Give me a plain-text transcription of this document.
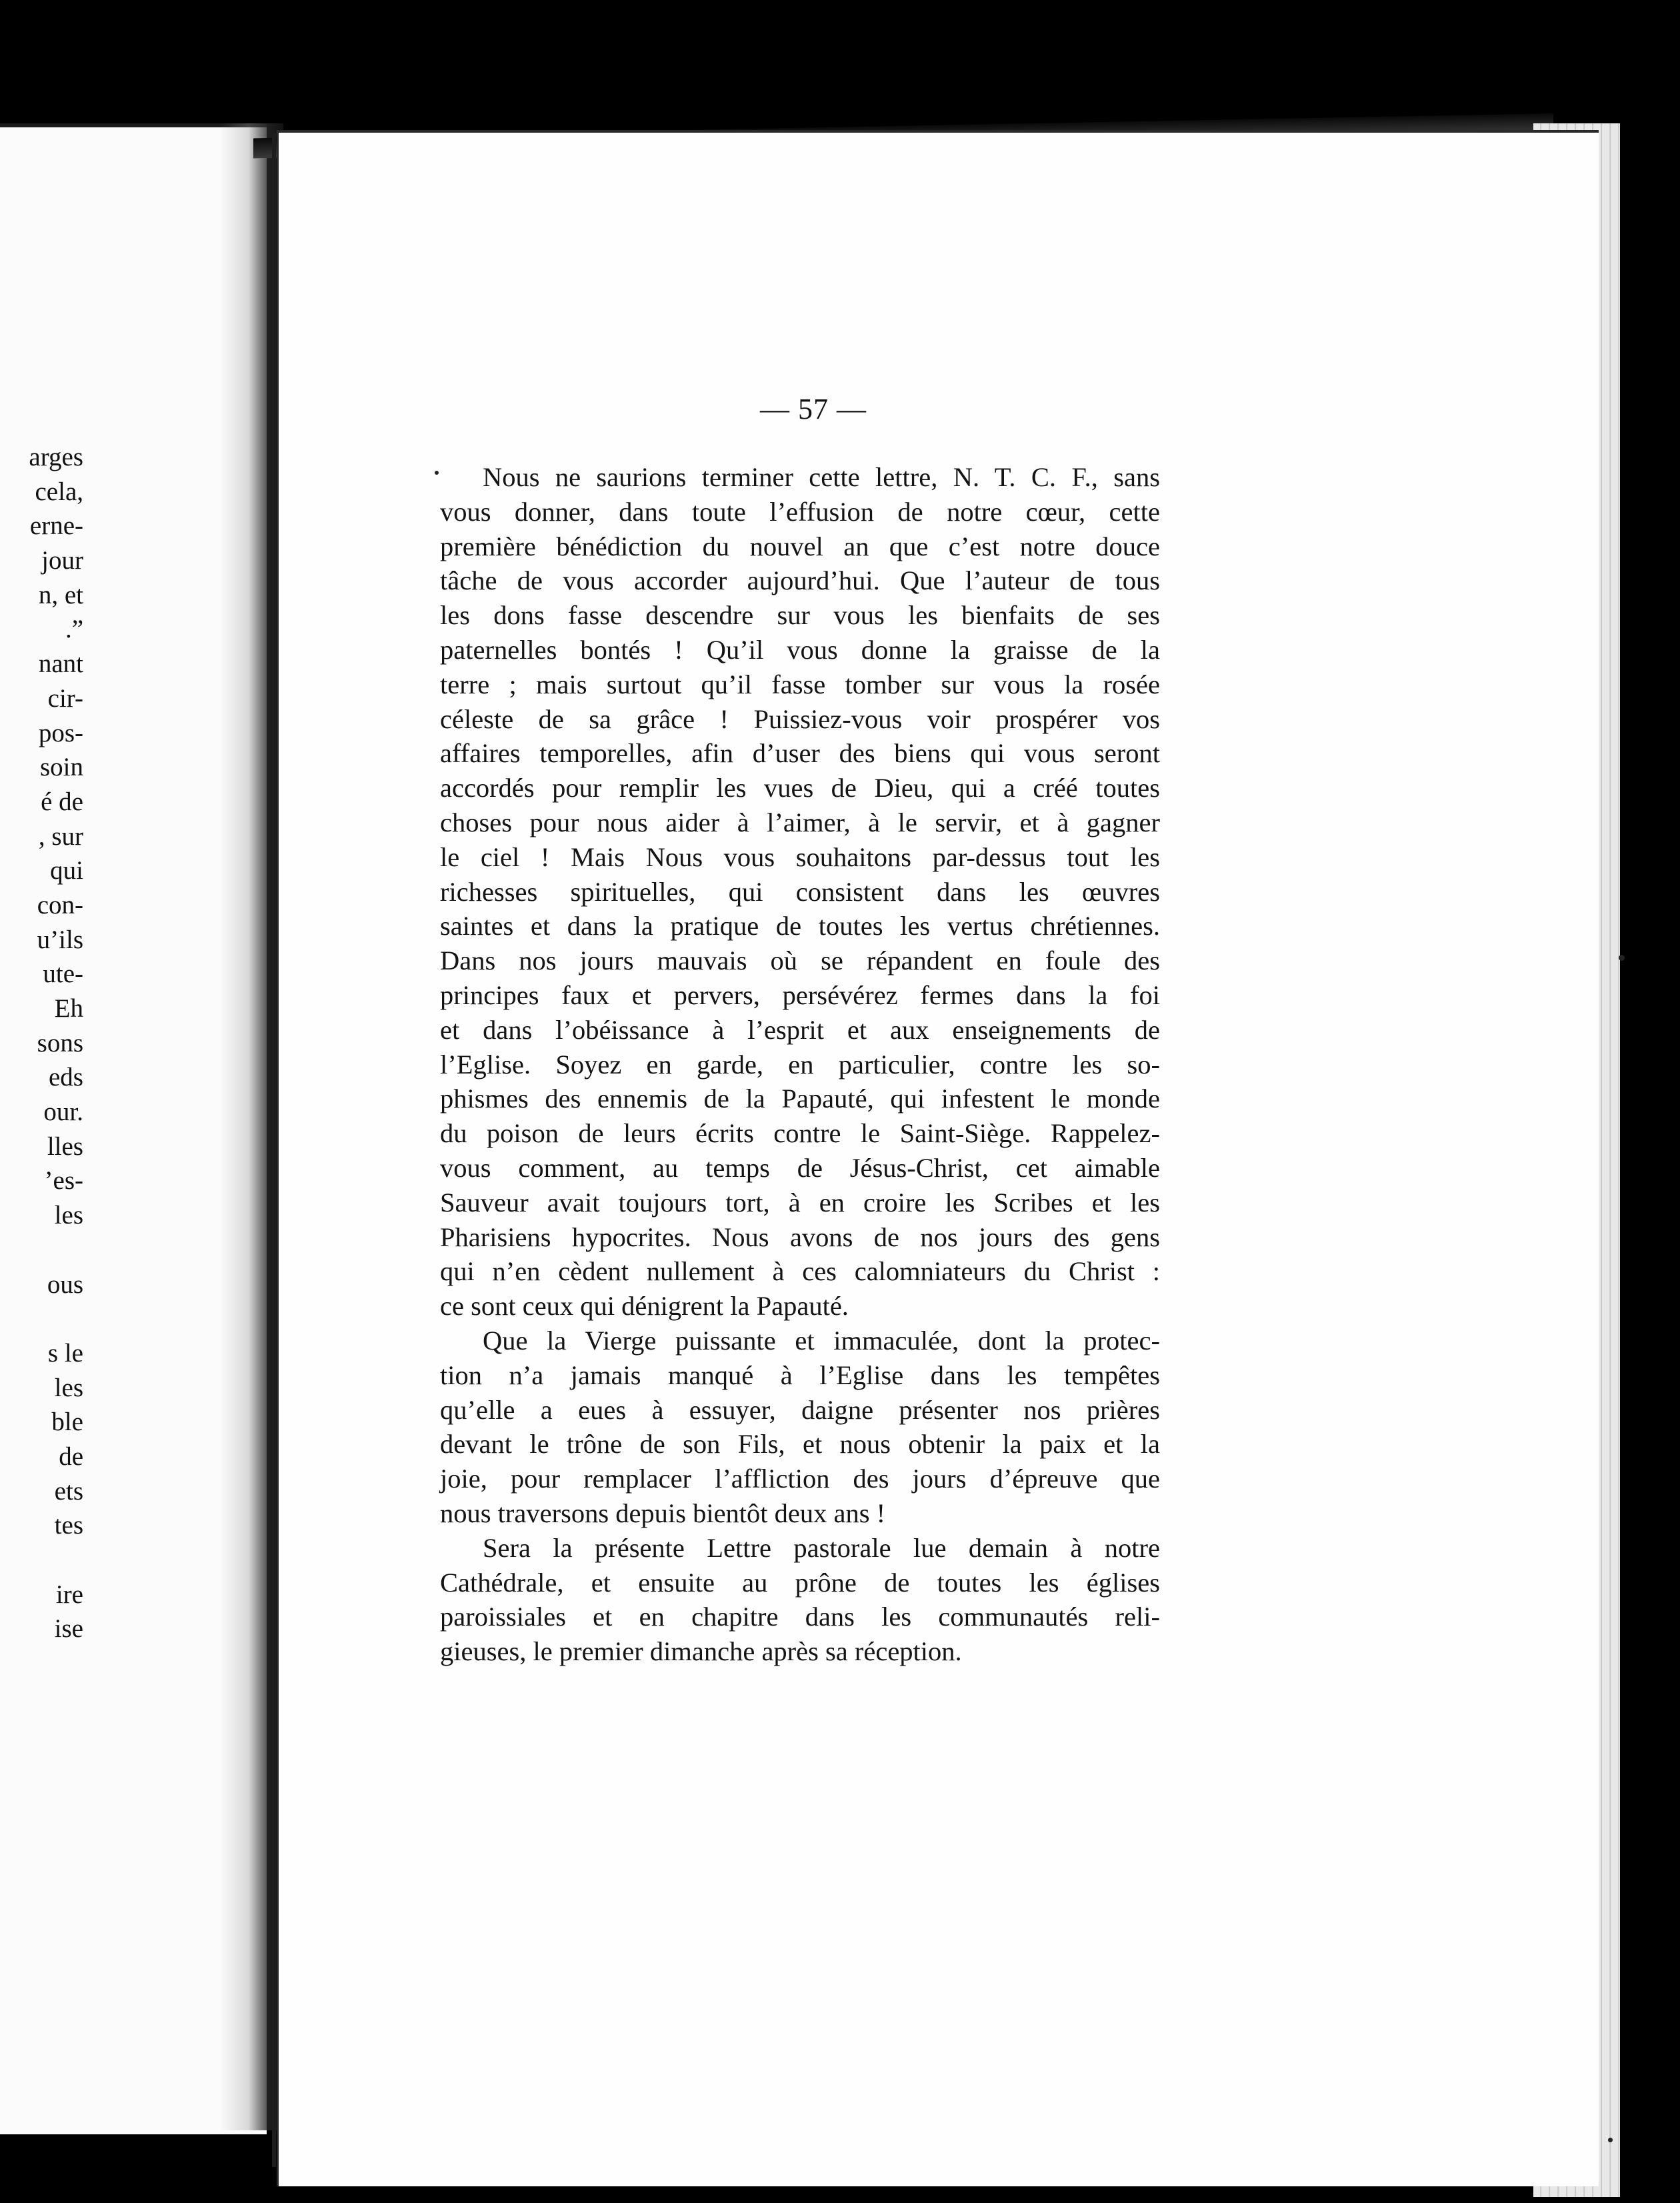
arges
cela,
erne-
jour
n, et
.”
nant
cir-
pos-
soin
é de
, sur
qui
con-
u’ils
ute-
Eh
sons
eds
our.
lles
’es-
les
ous
s le
les
ble
de
ets
tes
ire
ise
— 57 —
Nous ne saurions terminer cette lettre, N. T. C. F., sans
vous donner, dans toute l’effusion de notre cœur, cette
première bénédiction du nouvel an que c’est notre douce
tâche de vous accorder aujourd’hui. Que l’auteur de tous
les dons fasse descendre sur vous les bienfaits de ses
paternelles bontés ! Qu’il vous donne la graisse de la
terre ; mais surtout qu’il fasse tomber sur vous la rosée
céleste de sa grâce ! Puissiez-vous voir prospérer vos
affaires temporelles, afin d’user des biens qui vous seront
accordés pour remplir les vues de Dieu, qui a créé toutes
choses pour nous aider à l’aimer, à le servir, et à gagner
le ciel ! Mais Nous vous souhaitons par-dessus tout les
richesses spirituelles, qui consistent dans les œuvres
saintes et dans la pratique de toutes les vertus chrétiennes.
Dans nos jours mauvais où se répandent en foule des
principes faux et pervers, persévérez fermes dans la foi
et dans l’obéissance à l’esprit et aux enseignements de
l’Eglise. Soyez en garde, en particulier, contre les so-
phismes des ennemis de la Papauté, qui infestent le monde
du poison de leurs écrits contre le Saint-Siège. Rappelez-
vous comment, au temps de Jésus-Christ, cet aimable
Sauveur avait toujours tort, à en croire les Scribes et les
Pharisiens hypocrites. Nous avons de nos jours des gens
qui n’en cèdent nullement à ces calomniateurs du Christ :
ce sont ceux qui dénigrent la Papauté.
Que la Vierge puissante et immaculée, dont la protec-
tion n’a jamais manqué à l’Eglise dans les tempêtes
qu’elle a eues à essuyer, daigne présenter nos prières
devant le trône de son Fils, et nous obtenir la paix et la
joie, pour remplacer l’affliction des jours d’épreuve que
nous traversons depuis bientôt deux ans !
Sera la présente Lettre pastorale lue demain à notre
Cathédrale, et ensuite au prône de toutes les églises
paroissiales et en chapitre dans les communautés reli-
gieuses, le premier dimanche après sa réception.
